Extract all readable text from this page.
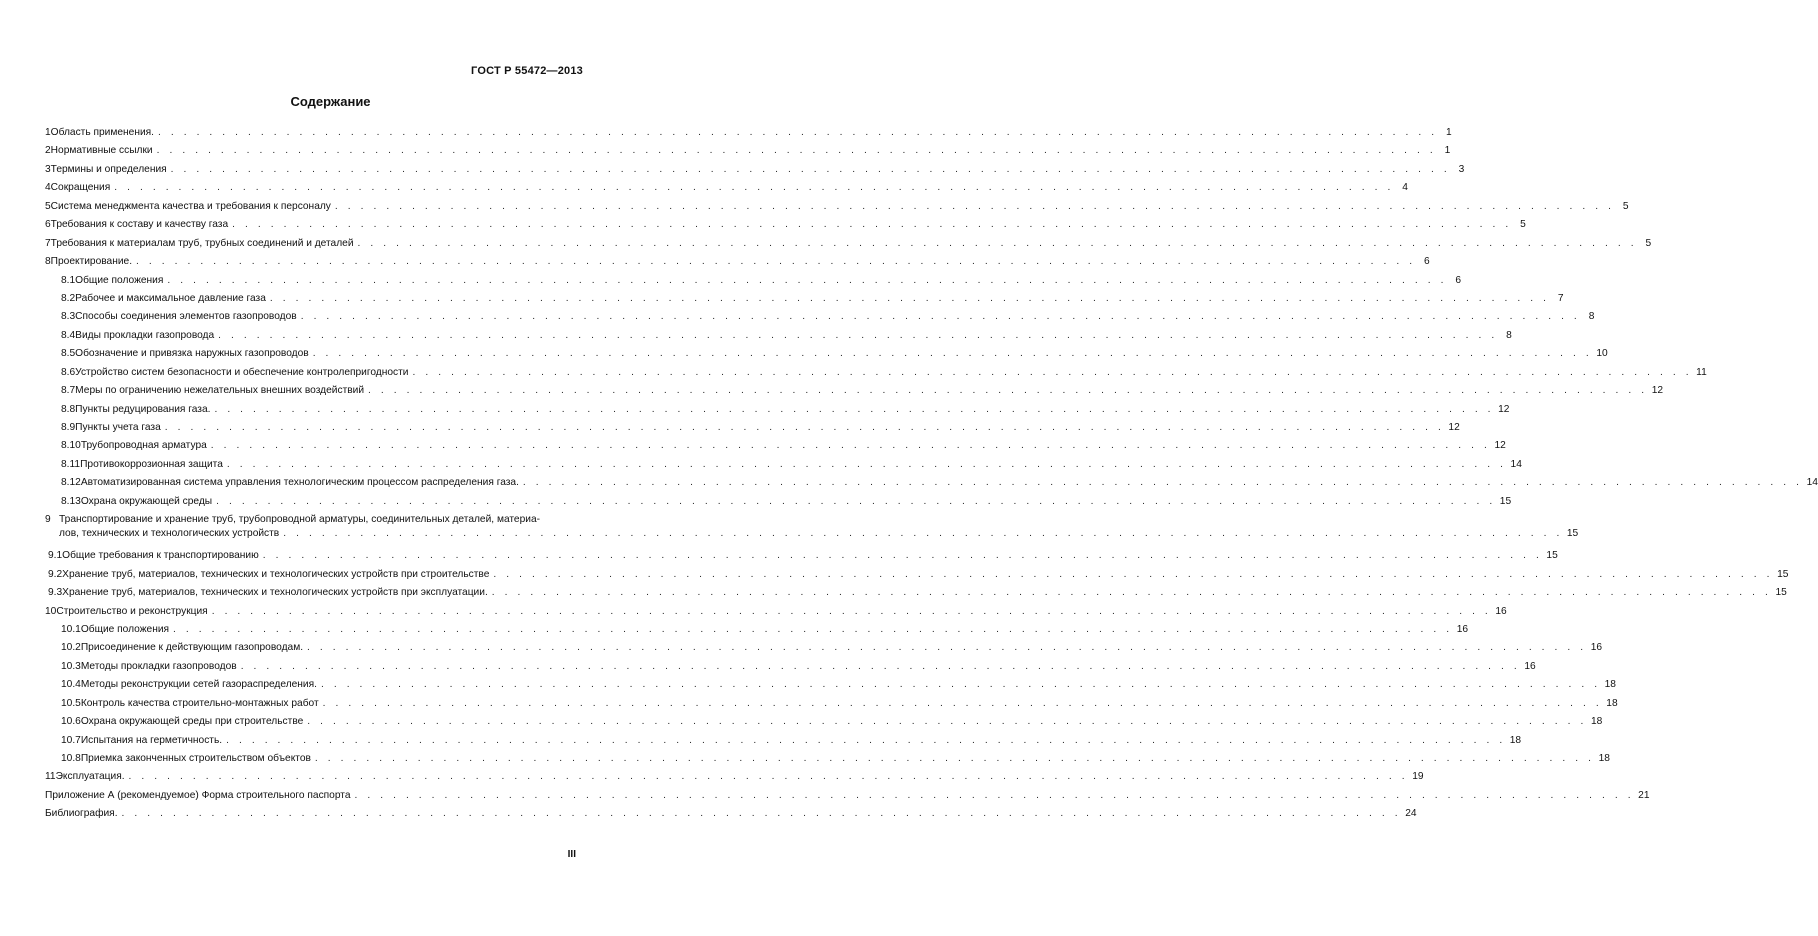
ГОСТ Р 55472—2013
Содержание
1 Область применения. . . .	1
2 Нормативные ссылки . . .	1
3 Термины и определения . . .	3
4 Сокращения . . .	4
5 Система менеджмента качества и требования к персоналу . . .	5
6 Требования к составу и качеству газа . . .	5
7 Требования к материалам труб, трубных соединений и деталей . . .	5
8 Проектирование. . . .	6
8.1 Общие положения . . .	6
8.2 Рабочее и максимальное давление газа . . .	7
8.3 Способы соединения элементов газопроводов . . .	8
8.4 Виды прокладки газопровода . . .	8
8.5 Обозначение и привязка наружных газопроводов . . .	10
8.6 Устройство систем безопасности и обеспечение контролепригодности . . .	11
8.7 Меры по ограничению нежелательных внешних воздействий . . .	12
8.8 Пункты редуцирования газа. . . .	12
8.9 Пункты учета газа . . .	12
8.10 Трубопроводная арматура . . .	12
8.11 Противокоррозионная защита . . .	14
8.12 Автоматизированная система управления технологическим процессом распределения газа. . . .	14
8.13 Охрана окружающей среды . . .	15
9 Транспортирование и хранение труб, трубопроводной арматуры, соединительных деталей, материа-
лов, технических и технологических устройств . . .	15
9.1 Общие требования к транспортированию . . .	15
9.2 Хранение труб, материалов, технических и технологических устройств при строительстве . . .	15
9.3 Хранение труб, материалов, технических и технологических устройств при эксплуатации. . . .	15
10 Строительство и реконструкция . . .	16
10.1 Общие положения . . .	16
10.2 Присоединение к действующим газопроводам. . . .	16
10.3 Методы прокладки газопроводов . . .	16
10.4 Методы реконструкции сетей газораспределения. . . .	18
10.5 Контроль качества строительно-монтажных работ . . .	18
10.6 Охрана окружающей среды при строительстве . . .	18
10.7 Испытания на герметичность. . . .	18
10.8 Приемка законченных строительством объектов . . .	18
11 Эксплуатация. . . .	19
Приложение А (рекомендуемое) Форма строительного паспорта . . .	21
Библиография. . . .	24
III
